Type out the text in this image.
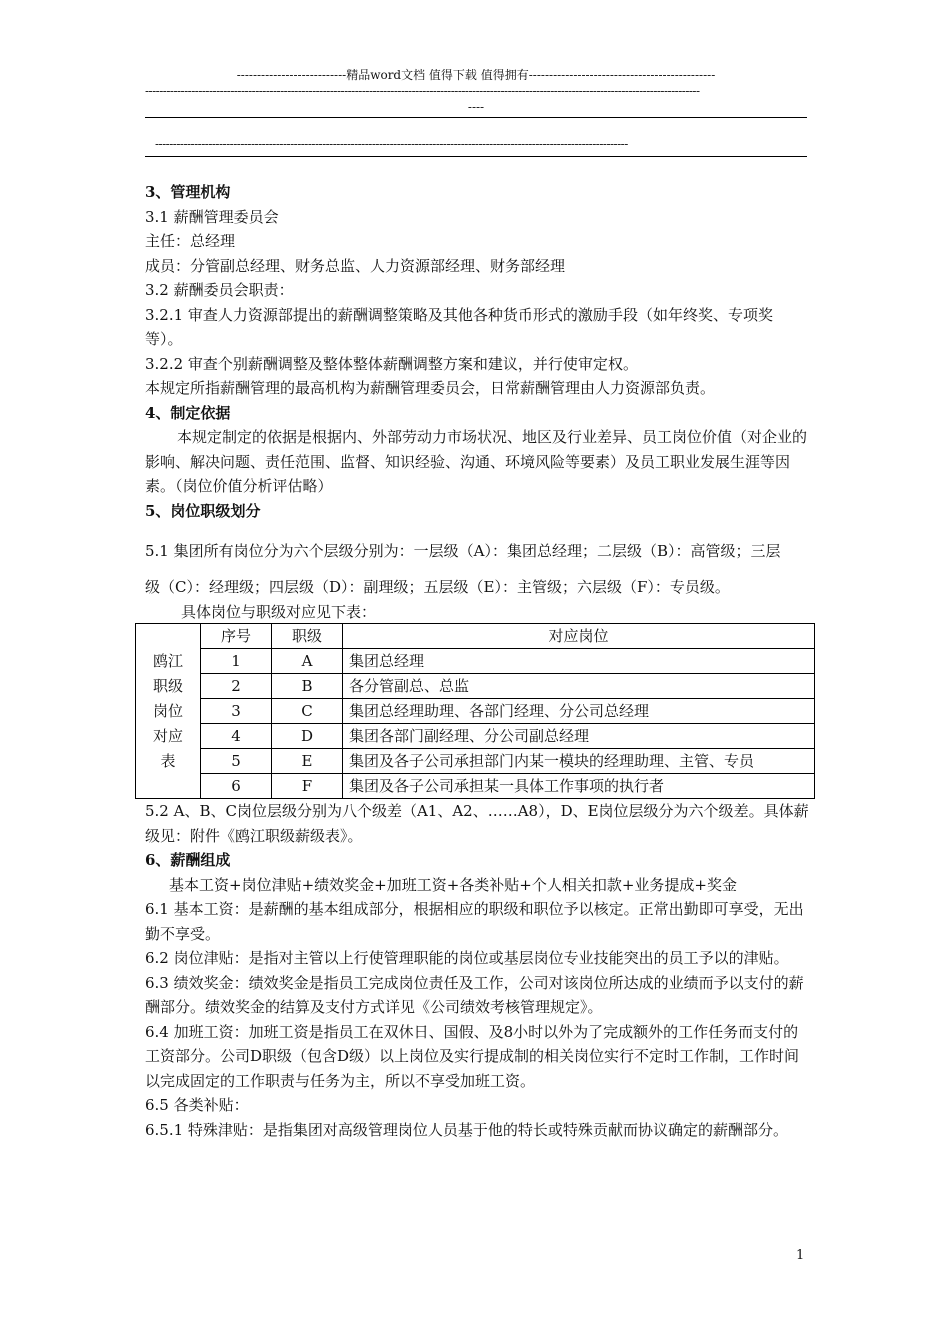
---------------------------精品word文档 值得下载 值得拥有----------------------------------------------
------------------------------------------------------------------------------------------------------------------------------------------------------------
----
-------------------------------------------------------------------------------------------------------------------------------------

3、管理机构

3.1 薪酬管理委员会

主任：总经理

成员：分管副总经理、财务总监、人力资源部经理、财务部经理

3.2 薪酬委员会职责：

3.2.1 审查人力资源部提出的薪酬调整策略及其他各种货币形式的激励手段（如年终奖、专项奖等）。

3.2.2 审查个别薪酬调整及整体整体薪酬调整方案和建议，并行使审定权。

本规定所指薪酬管理的最高机构为薪酬管理委员会，日常薪酬管理由人力资源部负责。

4、制定依据

本规定制定的依据是根据内、外部劳动力市场状况、地区及行业差异、员工岗位价值（对企业的影响、解决问题、责任范围、监督、知识经验、沟通、环境风险等要素）及员工职业发展生涯等因素。（岗位价值分析评估略）

5、岗位职级划分

5.1 集团所有岗位分为六个层级分别为：一层级（A）：集团总经理；二层级（B）：高管级；三层

级（C）：经理级；四层级（D）：副理级；五层级（E）：主管级；六层级（F）：专员级。

具体岗位与职级对应见下表：

鸥江
职级
岗位
对应
表	序号	职级	对应岗位
	1	A	集团总经理
	2	B	各分管副总、总监
	3	C	集团总经理助理、各部门经理、分公司总经理
	4	D	集团各部门副经理、分公司副总经理
	5	E	集团及各子公司承担部门内某一模块的经理助理、主管、专员
	6	F	集团及各子公司承担某一具体工作事项的执行者

5.2 A、B、C岗位层级分别为八个级差（A1、A2、……A8），D、E岗位层级分为六个级差。具体薪级见：附件《鸥江职级薪级表》。

6、薪酬组成

基本工资+岗位津贴+绩效奖金+加班工资+各类补贴+个人相关扣款+业务提成+奖金

6.1 基本工资：是薪酬的基本组成部分，根据相应的职级和职位予以核定。正常出勤即可享受，无出勤不享受。

6.2 岗位津贴：是指对主管以上行使管理职能的岗位或基层岗位专业技能突出的员工予以的津贴。

6.3 绩效奖金：绩效奖金是指员工完成岗位责任及工作，公司对该岗位所达成的业绩而予以支付的薪酬部分。绩效奖金的结算及支付方式详见《公司绩效考核管理规定》。

6.4 加班工资：加班工资是指员工在双休日、国假、及8小时以外为了完成额外的工作任务而支付的工资部分。公司D职级（包含D级）以上岗位及实行提成制的相关岗位实行不定时工作制，工作时间以完成固定的工作职责与任务为主，所以不享受加班工资。

6.5 各类补贴：

6.5.1 特殊津贴：是指集团对高级管理岗位人员基于他的特长或特殊贡献而协议确定的薪酬部分。

1
